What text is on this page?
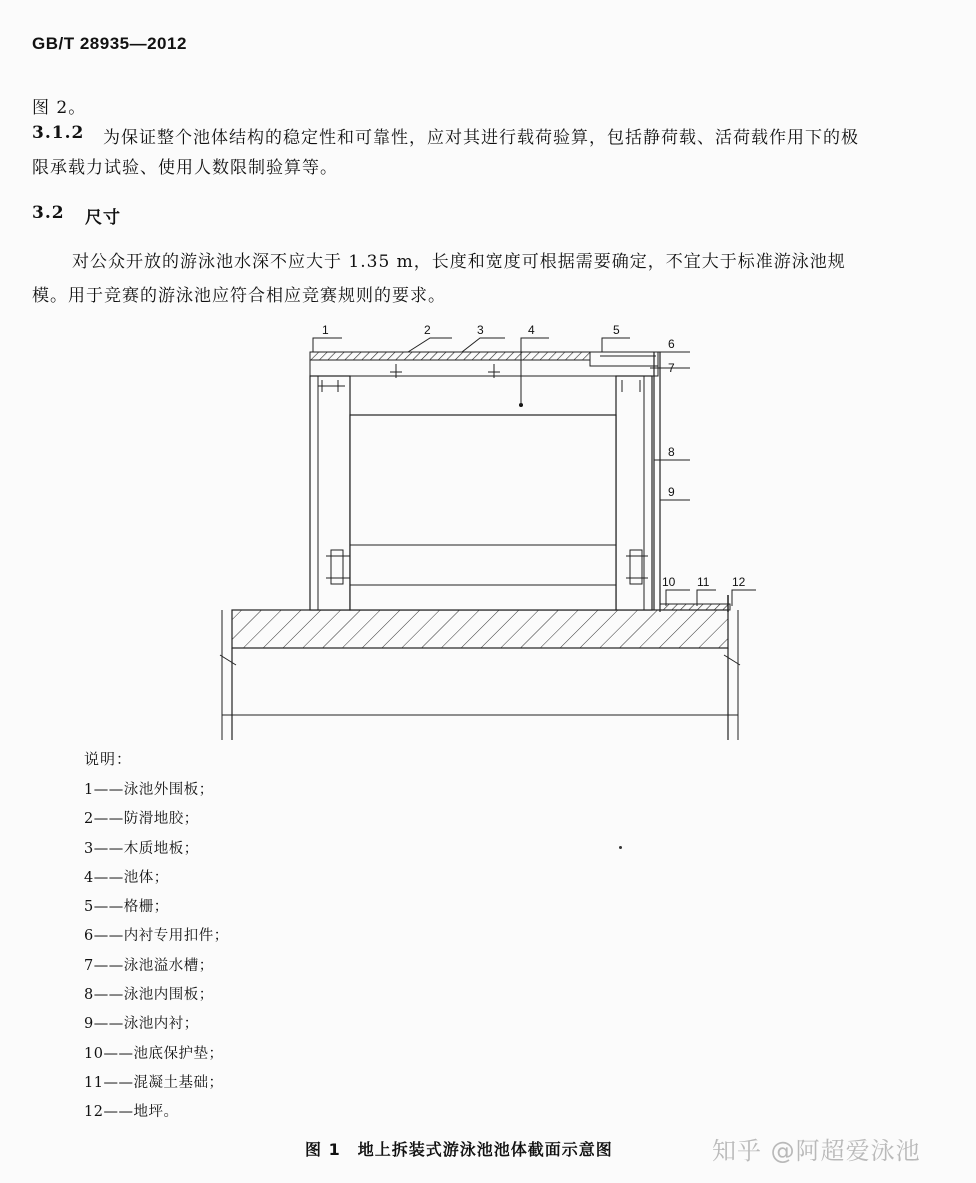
GB/T 28935—2012
图 2。
3.1.2 为保证整个池体结构的稳定性和可靠性，应对其进行载荷验算，包括静荷载、活荷载作用下的极
限承载力试验、使用人数限制验算等。
3.2 尺寸
对公众开放的游泳池水深不应大于 1.35 m，长度和宽度可根据需要确定，不宜大于标准游泳池规
模。用于竞赛的游泳池应符合相应竞赛规则的要求。
1	2	3	4	5
6
7
8
9
10 11 12
说明：
1——泳池外围板；
2——防滑地胶；
3——木质地板；
4——池体；
5——格栅；
6——内衬专用扣件；
7——泳池溢水槽；
8——泳池内围板；
9——泳池内衬；
10——池底保护垫；
11——混凝土基础；
12——地坪。
图 1　地上拆装式游泳池池体截面示意图	知乎 @阿超爱泳池
